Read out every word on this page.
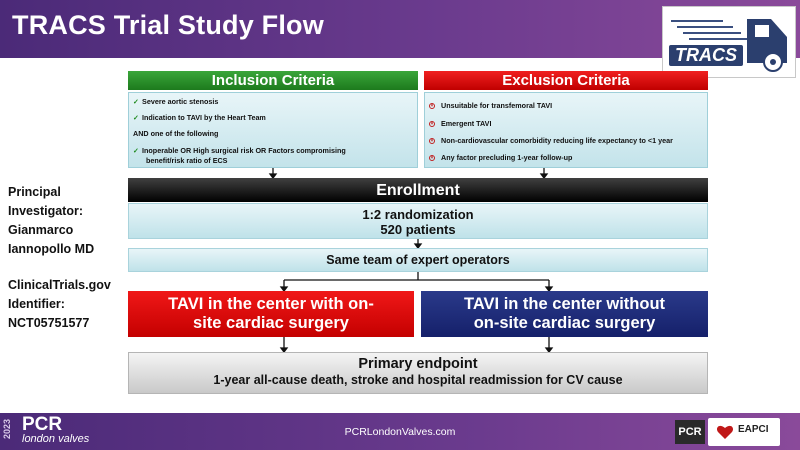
TRACS Trial Study Flow
TRACS
Inclusion Criteria	Exclusion Criteria
✓ Severe aortic stenosis
✓ Indication to TAVI by the Heart Team
AND one of the following
✓ Inoperable OR High surgical risk OR Factors compromising
benefit/risk ratio of ECS
× Unsuitable for transfemoral TAVI
× Emergent TAVI
× Non-cardiovascular comorbidity reducing life expectancy to <1 year
× Any factor precluding 1-year follow-up
Principal
Investigator:
Gianmarco
Iannopollo MD
ClinicalTrials.gov
Identifier:
NCT05751577
Enrollment
1:2 randomization
520 patients
Same team of expert operators
TAVI in the center with on-
site cardiac surgery
TAVI in the center without
on-site cardiac surgery
Primary endpoint
1-year all-cause death, stroke and hospital readmission for CV cause
2023 PCR
london valves
PCRLondonValves.com	PCR	EAPCI
